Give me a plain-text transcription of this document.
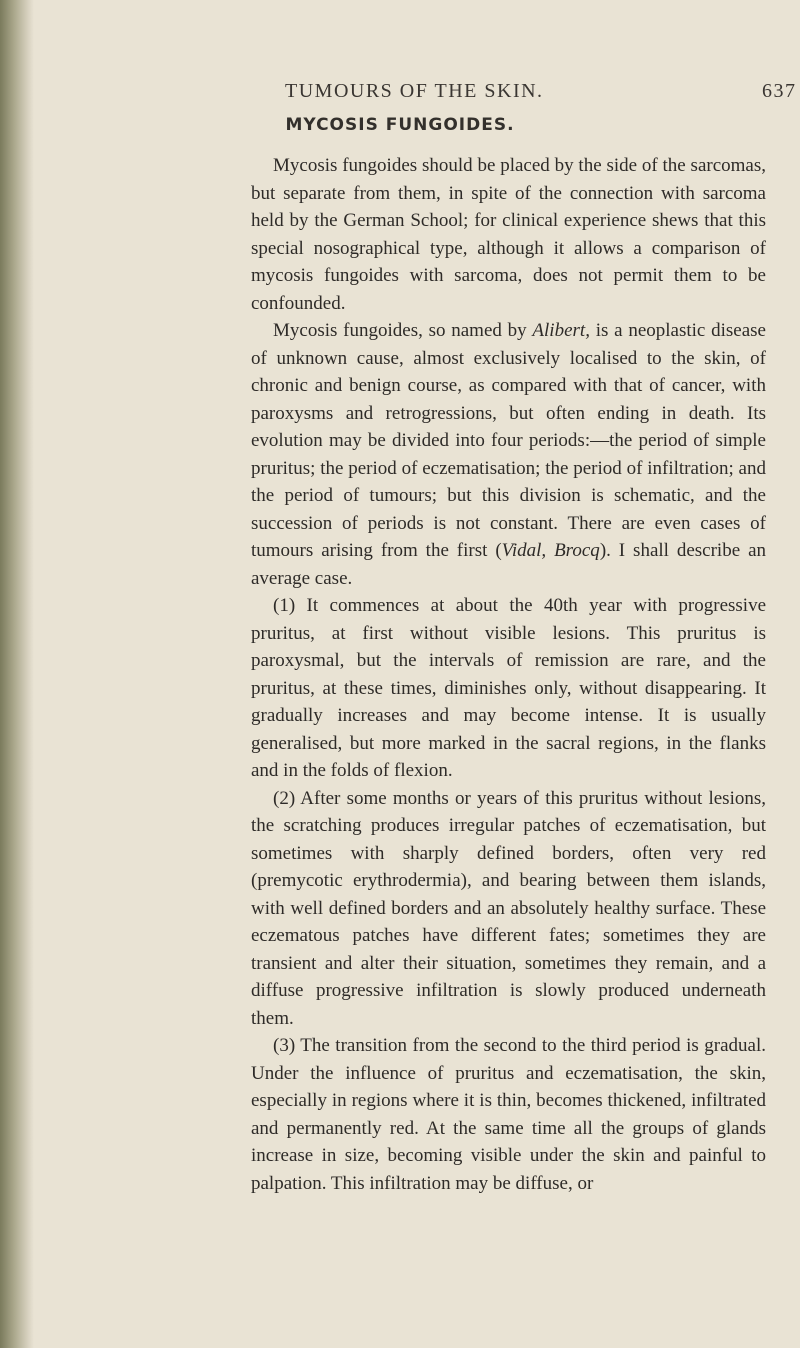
TUMOURS OF THE SKIN.	637
MYCOSIS FUNGOIDES.

Mycosis fungoides should be placed by the side of the sarcomas, but separate from them, in spite of the connection with sarcoma held by the German School; for clinical experience shews that this special nosographical type, although it allows a comparison of mycosis fungoides with sarcoma, does not permit them to be confounded.

Mycosis fungoides, so named by Alibert, is a neoplastic disease of unknown cause, almost exclusively localised to the skin, of chronic and benign course, as compared with that of cancer, with paroxysms and retrogressions, but often ending in death. Its evolution may be divided into four periods:—the period of simple pruritus; the period of eczematisation; the period of infiltration; and the period of tumours; but this division is schematic, and the succession of periods is not constant. There are even cases of tumours arising from the first (Vidal, Brocq). I shall describe an average case.

(1) It commences at about the 40th year with progressive pruritus, at first without visible lesions. This pruritus is paroxysmal, but the intervals of remission are rare, and the pruritus, at these times, diminishes only, without disappearing. It gradually increases and may become intense. It is usually generalised, but more marked in the sacral regions, in the flanks and in the folds of flexion.

(2) After some months or years of this pruritus without lesions, the scratching produces irregular patches of eczematisation, but sometimes with sharply defined borders, often very red (premycotic erythrodermia), and bearing between them islands, with well defined borders and an absolutely healthy surface. These eczematous patches have different fates; sometimes they are transient and alter their situation, sometimes they remain, and a diffuse progressive infiltration is slowly produced underneath them.

(3) The transition from the second to the third period is gradual. Under the influence of pruritus and eczematisation, the skin, especially in regions where it is thin, becomes thickened, infiltrated and permanently red. At the same time all the groups of glands increase in size, becoming visible under the skin and painful to palpation. This infiltration may be diffuse, or
